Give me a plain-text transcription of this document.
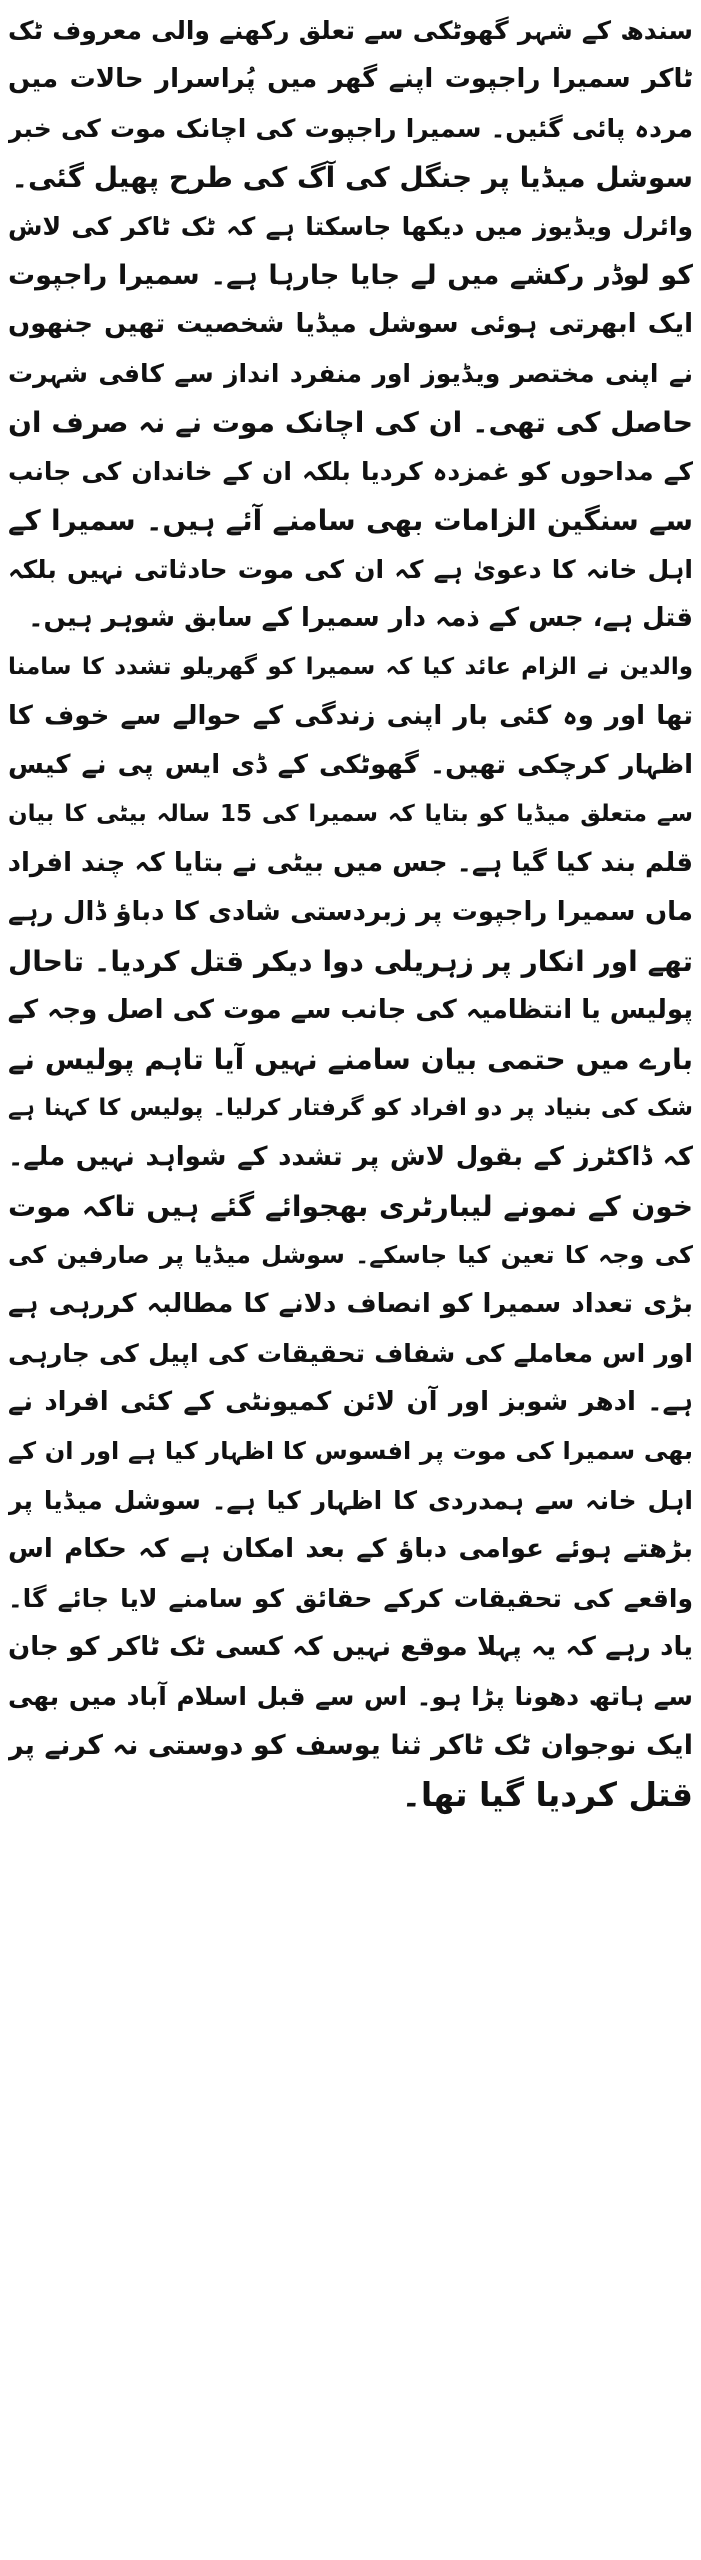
سندھ کے شہر گھوٹکی سے تعلق رکھنے والی معروف ٹک
ٹاکر سمیرا راجپوت اپنے گھر میں پُراسرار حالات میں
مردہ پائی گئیں۔ سمیرا راجپوت کی اچانک موت کی خبر
سوشل میڈیا پر جنگل کی آگ کی طرح پھیل گئی۔
وائرل ویڈیوز میں دیکھا جاسکتا ہے کہ ٹک ٹاکر کی لاش
کو لوڈر رکشے میں لے جایا جارہا ہے۔ سمیرا راجپوت
ایک ابھرتی ہوئی سوشل میڈیا شخصیت تھیں جنھوں
نے اپنی مختصر ویڈیوز اور منفرد انداز سے کافی شہرت
حاصل کی تھی۔ ان کی اچانک موت نے نہ صرف ان
کے مداحوں کو غمزدہ کردیا بلکہ ان کے خاندان کی جانب
سے سنگین الزامات بھی سامنے آئے ہیں۔ سمیرا کے
اہل خانہ کا دعویٰ ہے کہ ان کی موت حادثاتی نہیں بلکہ
قتل ہے، جس کے ذمہ دار سمیرا کے سابق شوہر ہیں۔
والدین نے الزام عائد کیا کہ سمیرا کو گھریلو تشدد کا سامنا
تھا اور وہ کئی بار اپنی زندگی کے حوالے سے خوف کا
اظہار کرچکی تھیں۔ گھوٹکی کے ڈی ایس پی نے کیس
سے متعلق میڈیا کو بتایا کہ سمیرا کی 15 سالہ بیٹی کا بیان
قلم بند کیا گیا ہے۔ جس میں بیٹی نے بتایا کہ چند افراد
ماں سمیرا راجپوت پر زبردستی شادی کا دباؤ ڈال رہے
تھے اور انکار پر زہریلی دوا دیکر قتل کردیا۔ تاحال
پولیس یا انتظامیہ کی جانب سے موت کی اصل وجہ کے
بارے میں حتمی بیان سامنے نہیں آیا تاہم پولیس نے
شک کی بنیاد پر دو افراد کو گرفتار کرلیا۔ پولیس کا کہنا ہے
کہ ڈاکٹرز کے بقول لاش پر تشدد کے شواہد نہیں ملے۔
خون کے نمونے لیبارٹری بھجوائے گئے ہیں تاکہ موت
کی وجہ کا تعین کیا جاسکے۔ سوشل میڈیا پر صارفین کی
بڑی تعداد سمیرا کو انصاف دلانے کا مطالبہ کررہی ہے
اور اس معاملے کی شفاف تحقیقات کی اپیل کی جارہی
ہے۔ ادھر شوبز اور آن لائن کمیونٹی کے کئی افراد نے
بھی سمیرا کی موت پر افسوس کا اظہار کیا ہے اور ان کے
اہل خانہ سے ہمدردی کا اظہار کیا ہے۔ سوشل میڈیا پر
بڑھتے ہوئے عوامی دباؤ کے بعد امکان ہے کہ حکام اس
واقعے کی تحقیقات کرکے حقائق کو سامنے لایا جائے گا۔
یاد رہے کہ یہ پہلا موقع نہیں کہ کسی ٹک ٹاکر کو جان
سے ہاتھ دھونا پڑا ہو۔ اس سے قبل اسلام آباد میں بھی
ایک نوجوان ٹک ٹاکر ثنا یوسف کو دوستی نہ کرنے پر
قتل کردیا گیا تھا۔
